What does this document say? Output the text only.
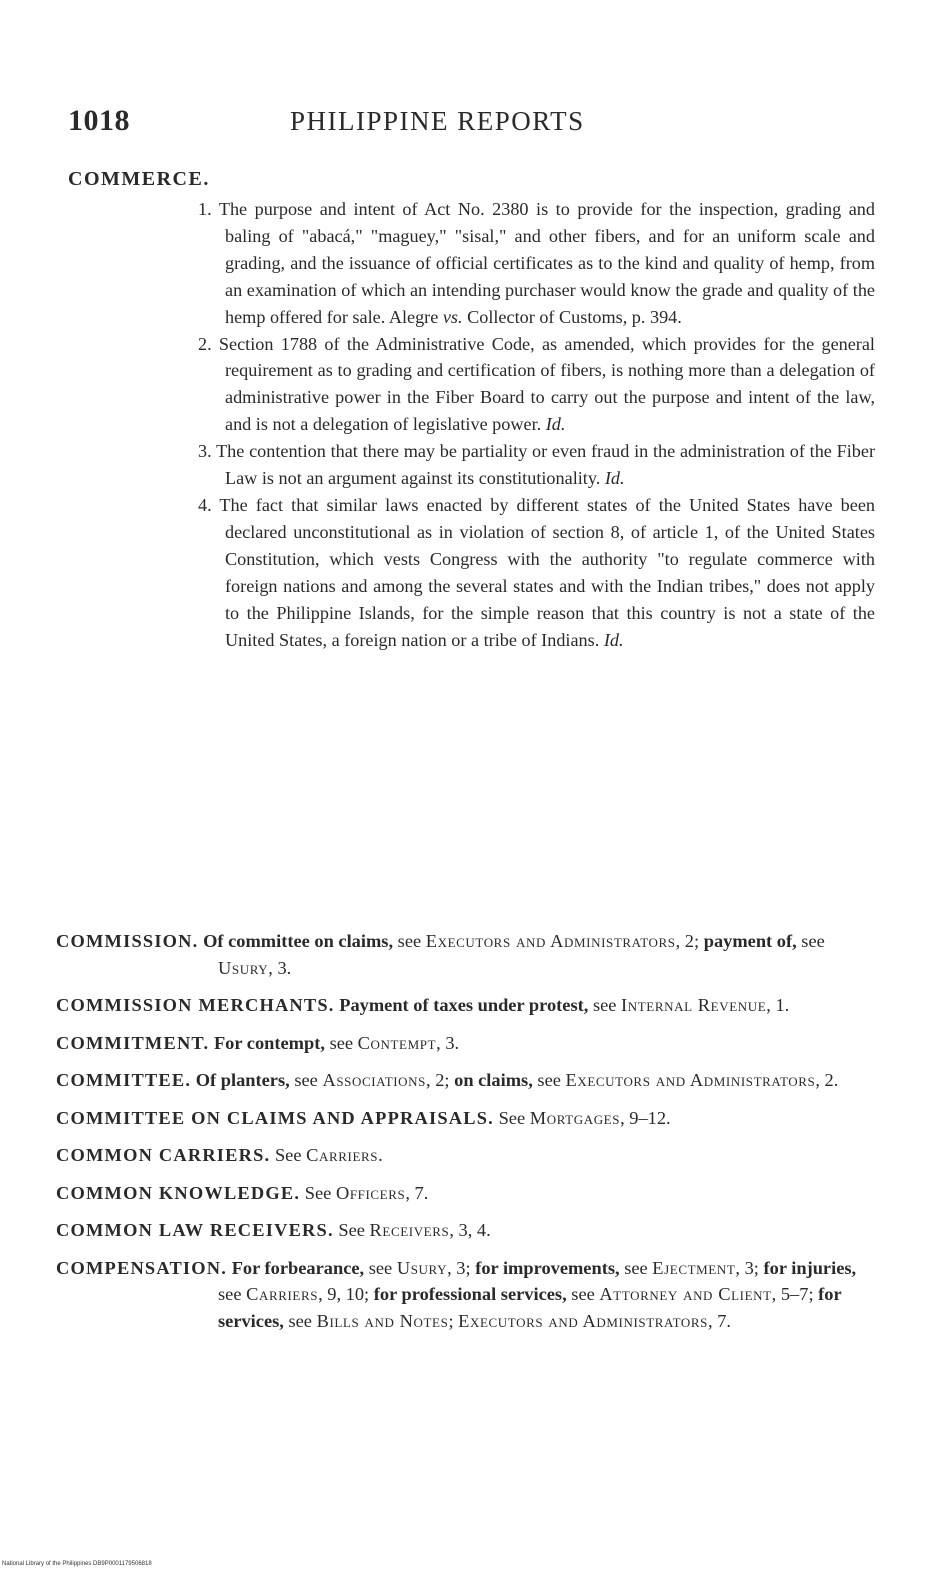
1018	PHILIPPINE REPORTS
COMMERCE.

1. The purpose and intent of Act No. 2380 is to provide for the inspection, grading and baling of "abacá," "maguey," "sisal," and other fibers, and for an uniform scale and grading, and the issuance of official certificates as to the kind and quality of hemp, from an examination of which an intending purchaser would know the grade and quality of the hemp offered for sale. Alegre vs. Collector of Customs, p. 394.

2. Section 1788 of the Administrative Code, as amended, which provides for the general requirement as to grading and certification of fibers, is nothing more than a delegation of administrative power in the Fiber Board to carry out the purpose and intent of the law, and is not a delegation of legislative power. Id.

3. The contention that there may be partiality or even fraud in the administration of the Fiber Law is not an argument against its constitutionality. Id.

4. The fact that similar laws enacted by different states of the United States have been declared unconstitutional as in violation of section 8, of article 1, of the United States Constitution, which vests Congress with the authority "to regulate commerce with foreign nations and among the several states and with the Indian tribes," does not apply to the Philippine Islands, for the simple reason that this country is not a state of the United States, a foreign nation or a tribe of Indians. Id.

COMMISSION. Of committee on claims, see Executors and Administrators, 2; payment of, see Usury, 3.

COMMISSION MERCHANTS. Payment of taxes under protest, see Internal Revenue, 1.

COMMITMENT. For contempt, see Contempt, 3.

COMMITTEE. Of planters, see Associations, 2; on claims, see Executors and Administrators, 2.

COMMITTEE ON CLAIMS AND APPRAISALS. See Mortgages, 9–12.

COMMON CARRIERS. See Carriers.

COMMON KNOWLEDGE. See Officers, 7.

COMMON LAW RECEIVERS. See Receivers, 3, 4.

COMPENSATION. For forbearance, see Usury, 3; for improvements, see Ejectment, 3; for injuries, see Carriers, 9, 10; for professional services, see Attorney and Client, 5–7; for services, see Bills and Notes; Executors and Administrators, 7.

National Library of the Philippines DB9P0001179506818
